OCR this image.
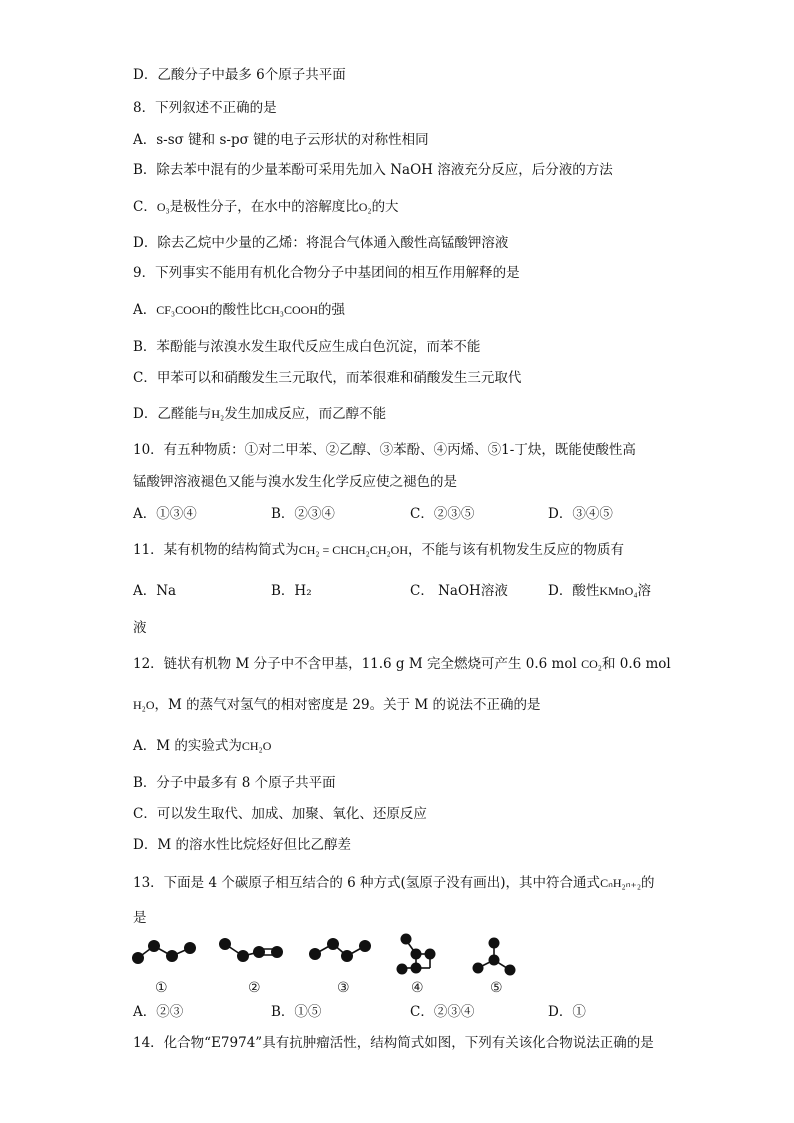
D．乙酸分子中最多 6个原子共平面
8．下列叙述不正确的是
A．s-sσ 键和 s-pσ 键的电子云形状的对称性相同
B．除去苯中混有的少量苯酚可采用先加入 NaOH 溶液充分反应，后分液的方法
C．O₃是极性分子，在水中的溶解度比O₂的大
D．除去乙烷中少量的乙烯：将混合气体通入酸性高锰酸钾溶液
9．下列事实不能用有机化合物分子中基团间的相互作用解释的是
A．CF₃COOH的酸性比CH₃COOH的强
B．苯酚能与浓溴水发生取代反应生成白色沉淀，而苯不能
C．甲苯可以和硝酸发生三元取代，而苯很难和硝酸发生三元取代
D．乙醛能与H₂发生加成反应，而乙醇不能
10．有五种物质：①对二甲苯、②乙醇、③苯酚、④丙烯、⑤1-丁炔，既能使酸性高
锰酸钾溶液褪色又能与溴水发生化学反应使之褪色的是
A．①③④	B．②③④	C．②③⑤	D．③④⑤
11．某有机物的结构简式为CH₂ = CHCH₂CH₂OH，不能与该有机物发生反应的物质有
A．Na	B．H₂	C． NaOH溶液	D．酸性KMnO₄溶
液
12．链状有机物 M 分子中不含甲基，11.6 g M 完全燃烧可产生 0.6 mol CO₂和 0.6 mol
H₂O，M 的蒸气对氢气的相对密度是 29。关于 M 的说法不正确的是
A．M 的实验式为CH₂O
B．分子中最多有 8 个原子共平面
C．可以发生取代、加成、加聚、氧化、还原反应
D．M 的溶水性比烷烃好但比乙醇差
13．下面是 4 个碳原子相互结合的 6 种方式(氢原子没有画出)，其中符合通式CₙH₂ₙ₊₂的
是
①	②	③	④	⑤
A．②③	B．①⑤	C．②③④	D．①
14．化合物“E7974”具有抗肿瘤活性，结构简式如图，下列有关该化合物说法正确的是
